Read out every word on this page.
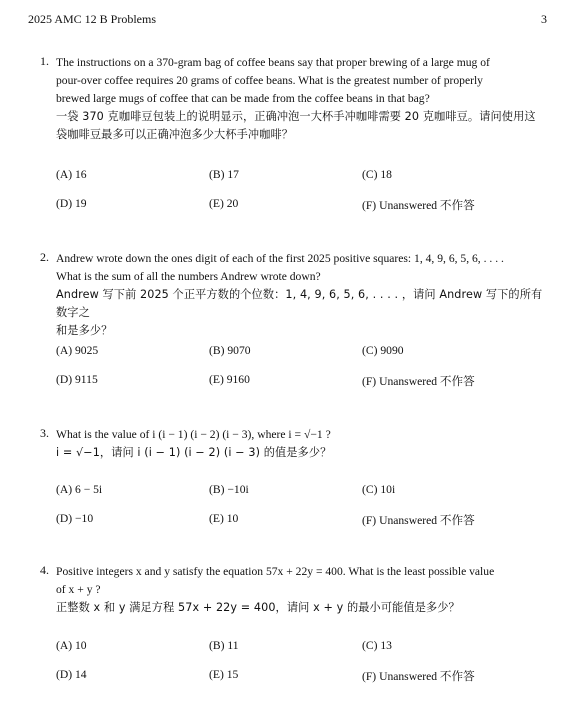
2025 AMC 12 B Problems	3
1. The instructions on a 370-gram bag of coffee beans say that proper brewing of a large mug of
pour-over coffee requires 20 grams of coffee beans. What is the greatest number of properly
brewed large mugs of coffee that can be made from the coffee beans in that bag?
一袋 370 克咖啡豆包装上的说明显示，正确冲泡一大杯手冲咖啡需要 20 克咖啡豆。请问使用这
袋咖啡豆最多可以正确冲泡多少大杯手冲咖啡？
(A) 16	(B) 17	(C) 18
(D) 19	(E) 20	(F) Unanswered 不作答
2. Andrew wrote down the ones digit of each of the first 2025 positive squares: 1, 4, 9, 6, 5, 6, . . . .
What is the sum of all the numbers Andrew wrote down?
Andrew 写下前 2025 个正平方数的个位数：1, 4, 9, 6, 5, 6, . . . . ，请问 Andrew 写下的所有数字之
和是多少？
(A) 9025	(B) 9070	(C) 9090
(D) 9115	(E) 9160	(F) Unanswered 不作答
3. What is the value of i (i − 1) (i − 2) (i − 3), where i = √−1 ?
i = √−1，请问 i (i − 1) (i − 2) (i − 3) 的值是多少？
(A) 6 − 5i	(B) −10i	(C) 10i
(D) −10	(E) 10	(F) Unanswered 不作答
4. Positive integers x and y satisfy the equation 57x + 22y = 400. What is the least possible value
of x + y ?
正整数 x 和 y 满足方程 57x + 22y = 400，请问 x + y 的最小可能值是多少？
(A) 10	(B) 11	(C) 13
(D) 14	(E) 15	(F) Unanswered 不作答
